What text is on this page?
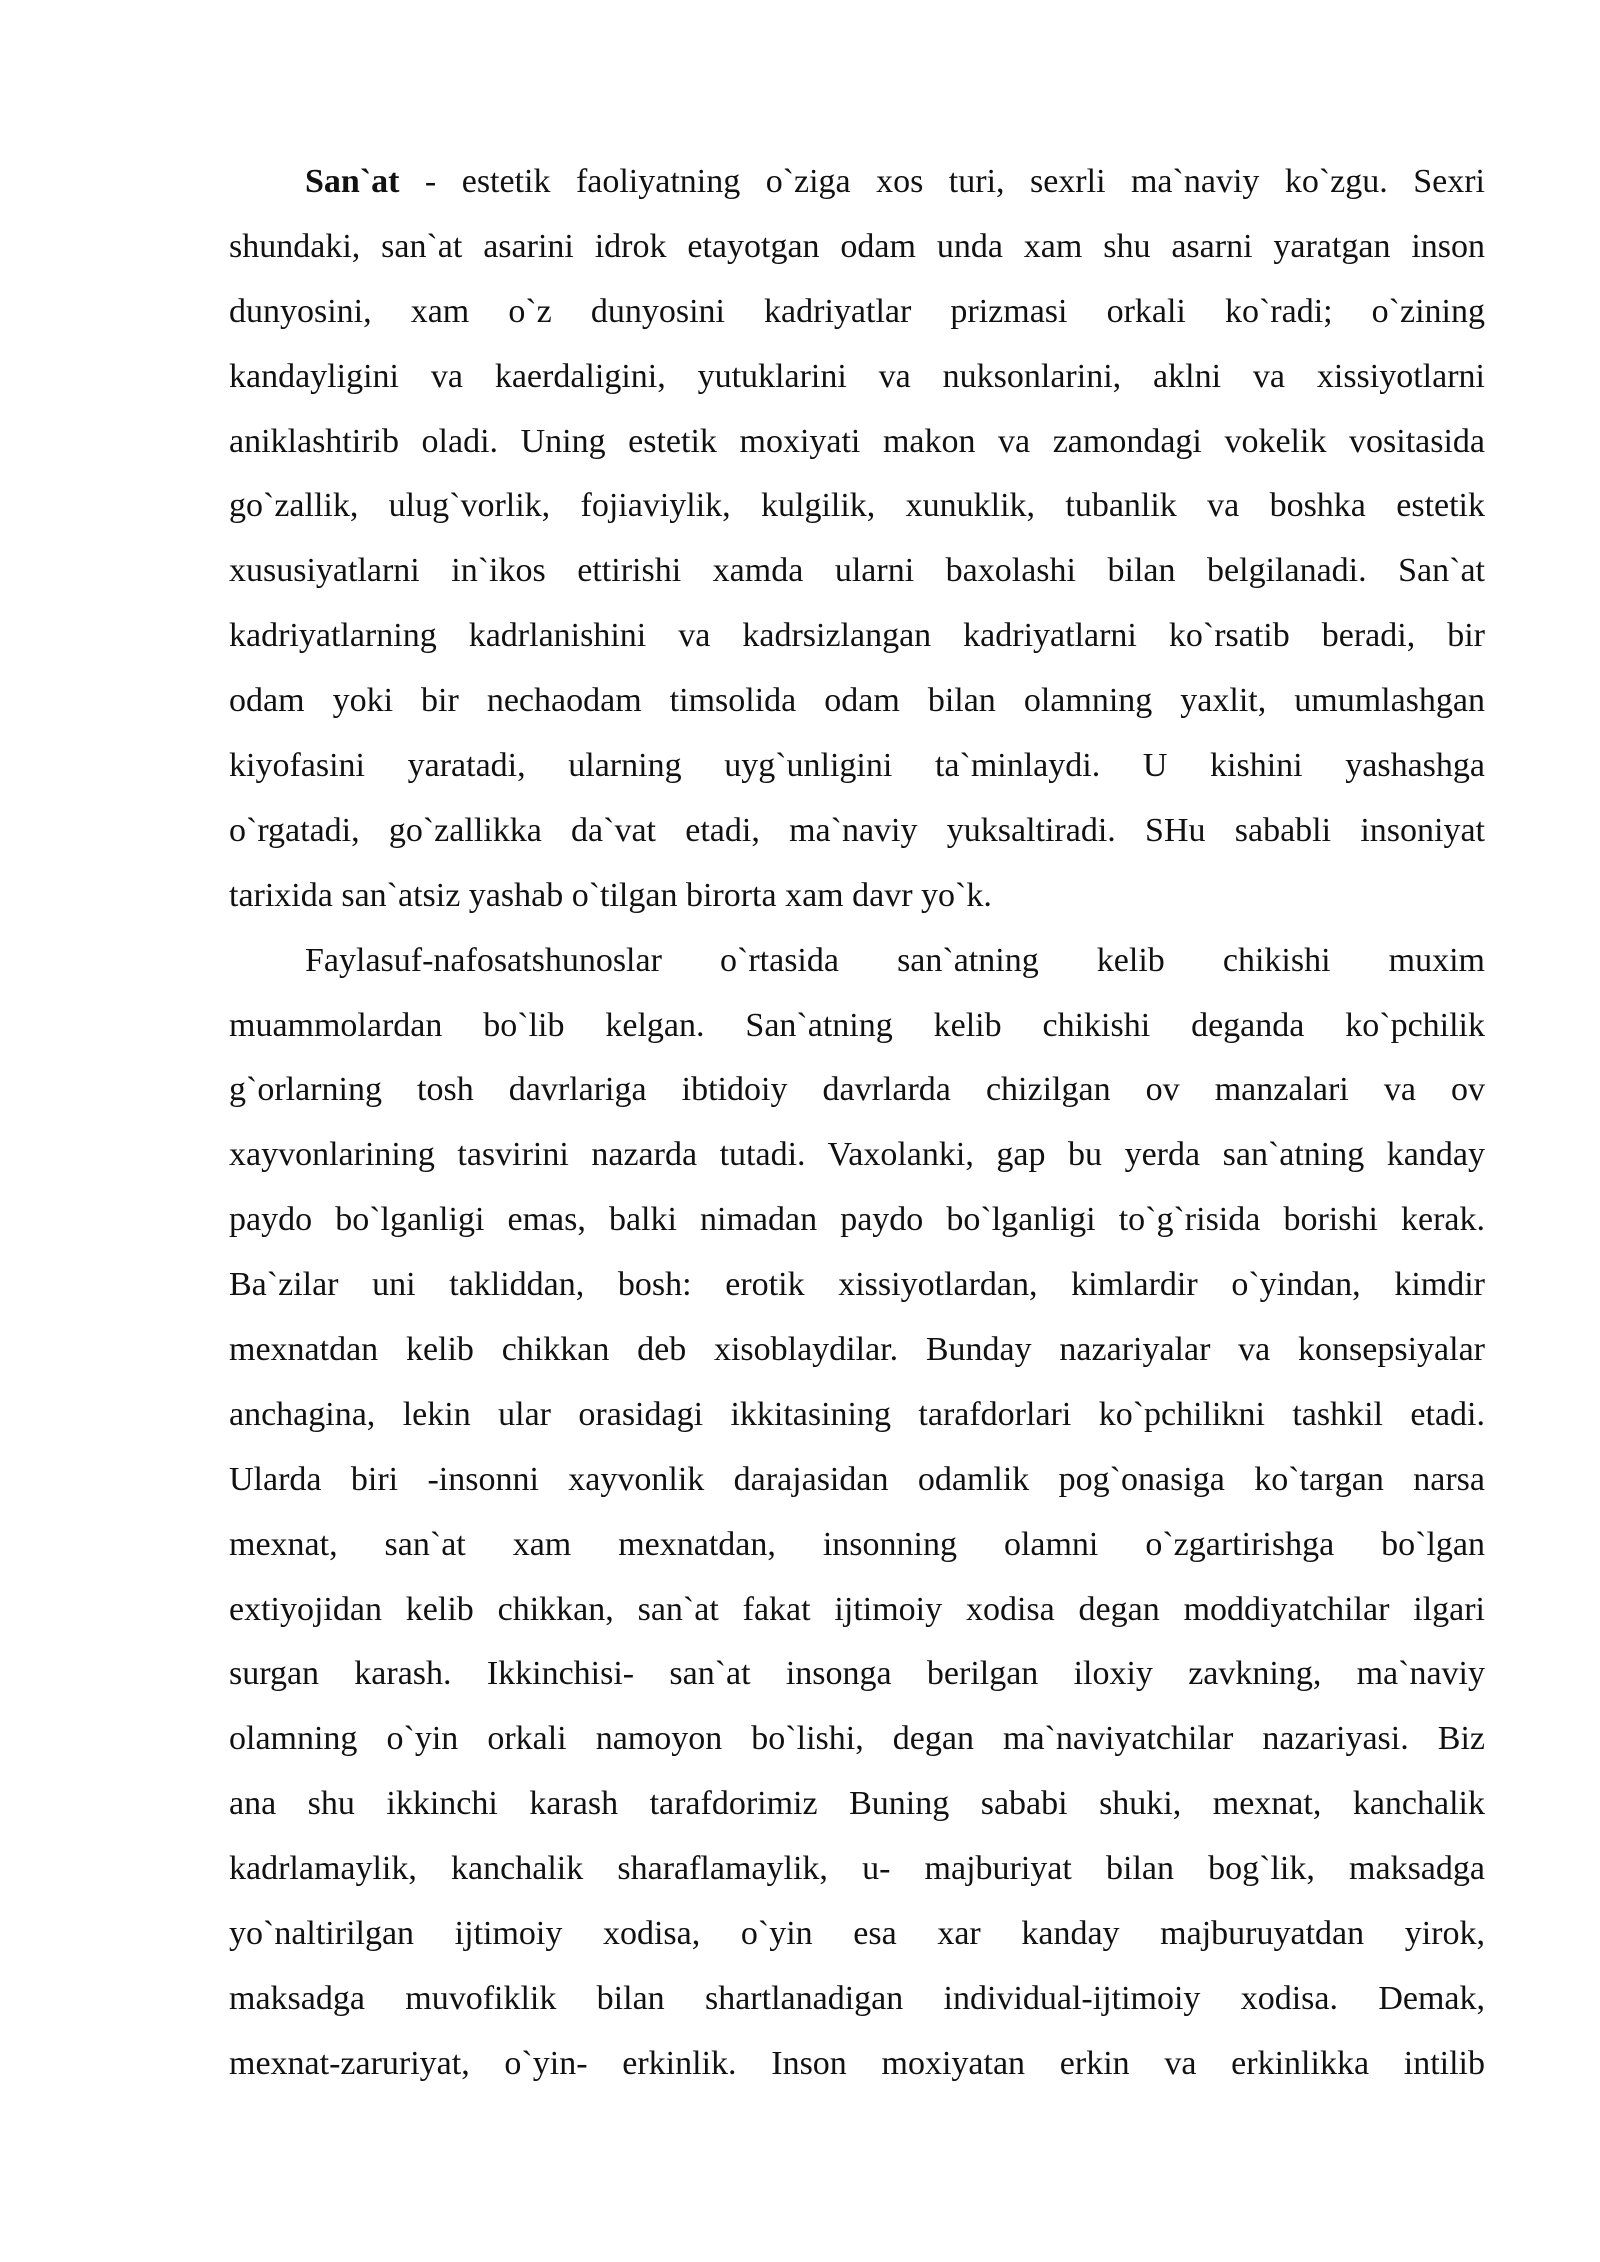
San`at - estetik faoliyatning o`ziga xos turi, sexrli ma`naviy ko`zgu. Sexri
shundaki, san`at asarini idrok etayotgan odam unda xam shu asarni yaratgan inson
dunyosini, xam o`z dunyosini kadriyatlar prizmasi orkali ko`radi; o`zining
kandayligini va kaerdaligini, yutuklarini va nuksonlarini, aklni va xissiyotlarni
aniklashtirib oladi. Uning estetik moxiyati makon va zamondagi vokelik vositasida
go`zallik, ulug`vorlik, fojiaviylik, kulgilik, xunuklik, tubanlik va boshka estetik
xususiyatlarni in`ikos ettirishi xamda ularni baxolashi bilan belgilanadi. San`at
kadriyatlarning kadrlanishini va kadrsizlangan kadriyatlarni ko`rsatib beradi, bir
odam yoki bir nechaodam timsolida odam bilan olamning yaxlit, umumlashgan
kiyofasini yaratadi, ularning uyg`unligini ta`minlaydi. U kishini yashashga
o`rgatadi, go`zallikka da`vat etadi, ma`naviy yuksaltiradi. SHu sababli insoniyat
tarixida san`atsiz yashab o`tilgan birorta xam davr yo`k.
Faylasuf-nafosatshunoslar o`rtasida san`atning kelib chikishi muxim
muammolardan bo`lib kelgan. San`atning kelib chikishi deganda ko`pchilik
g`orlarning tosh davrlariga ibtidoiy davrlarda chizilgan ov manzalari va ov
xayvonlarining tasvirini nazarda tutadi. Vaxolanki, gap bu yerda san`atning kanday
paydo bo`lganligi emas, balki nimadan paydo bo`lganligi to`g`risida borishi kerak.
Ba`zilar uni takliddan, bosh: erotik xissiyotlardan, kimlardir o`yindan, kimdir
mexnatdan kelib chikkan deb xisoblaydilar. Bunday nazariyalar va konsepsiyalar
anchagina, lekin ular orasidagi ikkitasining tarafdorlari ko`pchilikni tashkil etadi.
Ularda biri -insonni xayvonlik darajasidan odamlik pog`onasiga ko`targan narsa
mexnat, san`at xam mexnatdan, insonning olamni o`zgartirishga bo`lgan
extiyojidan kelib chikkan, san`at fakat ijtimoiy xodisa degan moddiyatchilar ilgari
surgan karash. Ikkinchisi- san`at insonga berilgan iloxiy zavkning, ma`naviy
olamning o`yin orkali namoyon bo`lishi, degan ma`naviyatchilar nazariyasi. Biz
ana shu ikkinchi karash tarafdorimiz Buning sababi shuki, mexnat, kanchalik
kadrlamaylik, kanchalik sharaflamaylik, u- majburiyat bilan bog`lik, maksadga
yo`naltirilgan ijtimoiy xodisa, o`yin esa xar kanday majburuyatdan yirok,
maksadga muvofiklik bilan shartlanadigan individual-ijtimoiy xodisa. Demak,
mexnat-zaruriyat, o`yin- erkinlik. Inson moxiyatan erkin va erkinlikka intilib
